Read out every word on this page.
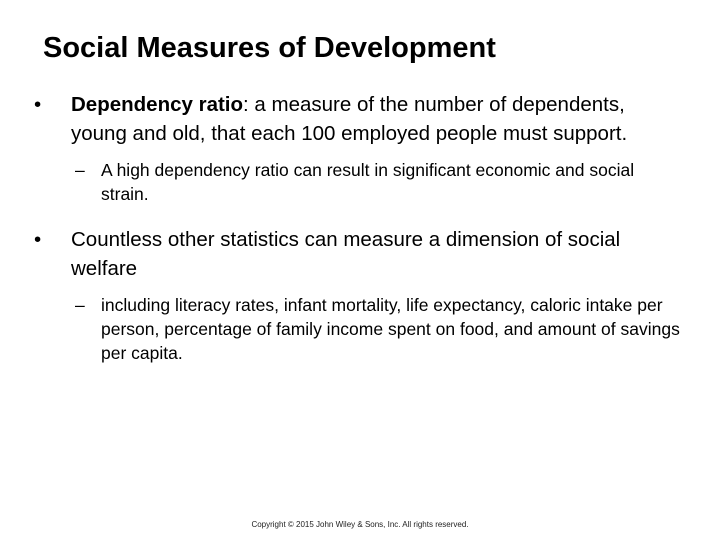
Social Measures of Development
Dependency ratio: a measure of the number of dependents, young and old, that each 100 employed people must support.
– A high dependency ratio can result in significant economic and social strain.
Countless other statistics can measure a dimension of social welfare
– including literacy rates, infant mortality, life expectancy, caloric intake per person, percentage of family income spent on food, and amount of savings per capita.
Copyright © 2015 John Wiley & Sons, Inc. All rights reserved.
